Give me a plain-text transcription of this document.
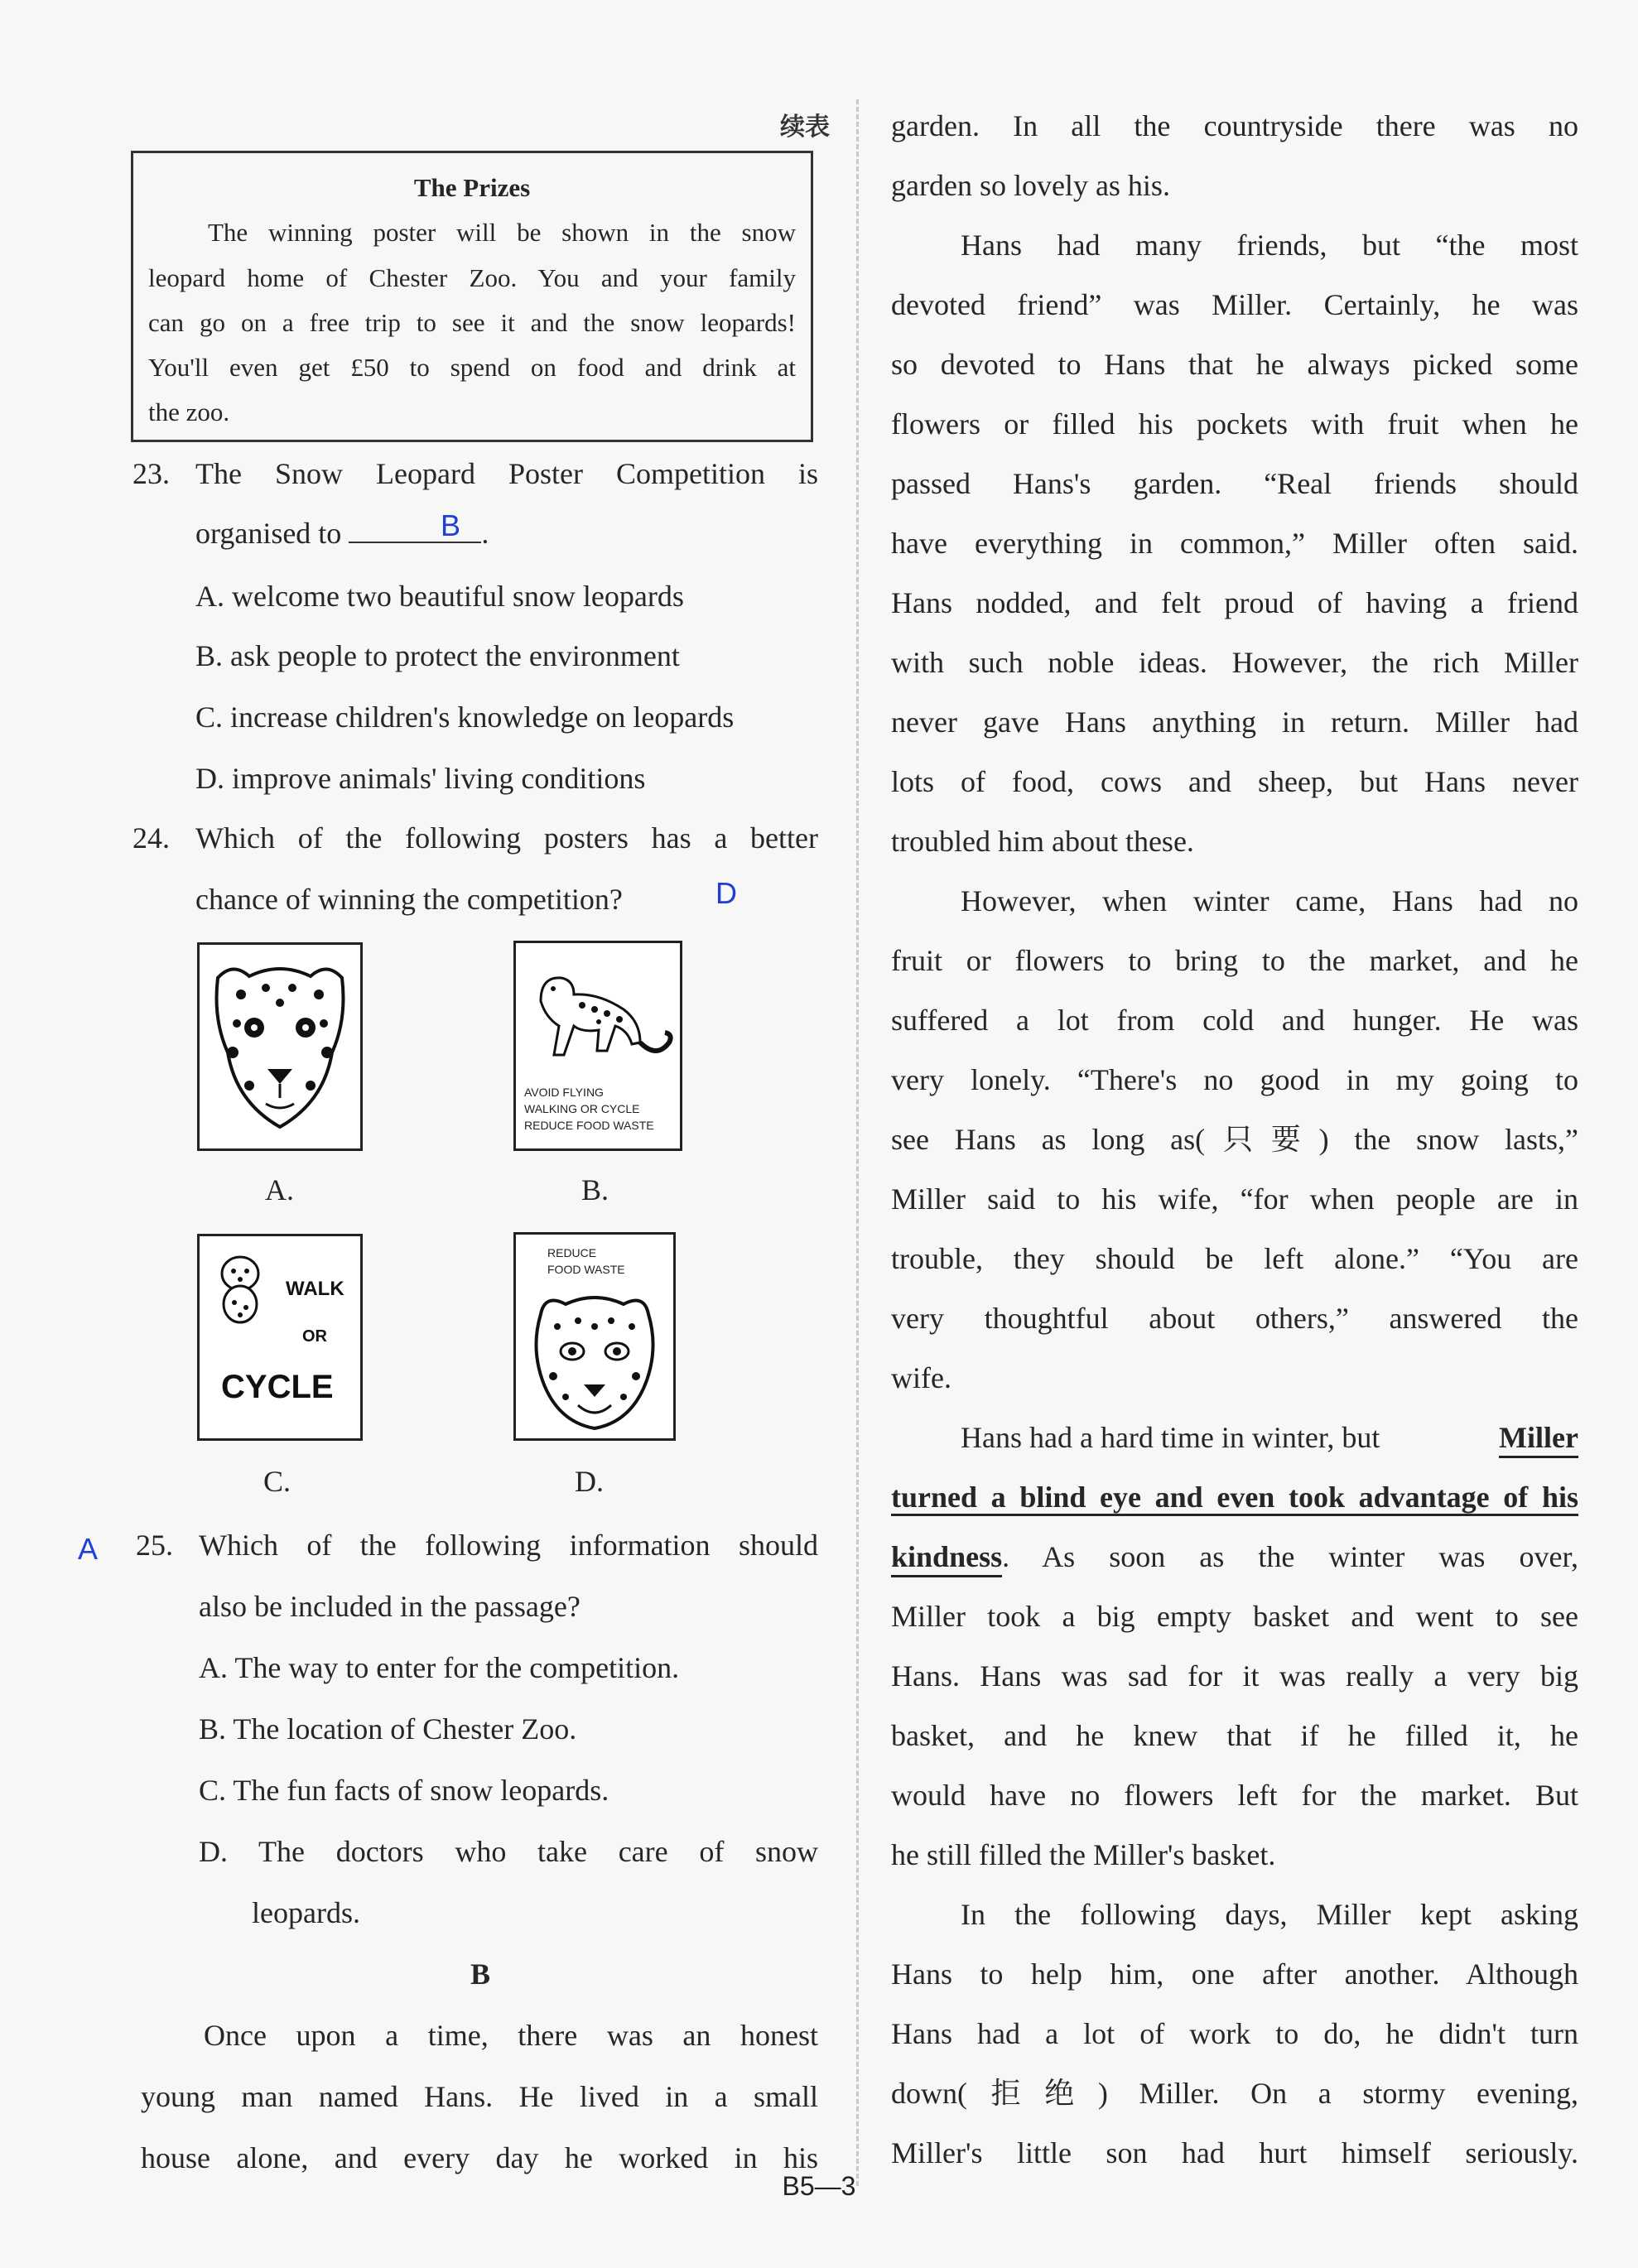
续表
The Prizes
The winning poster will be shown in the snow
leopard home of Chester Zoo. You and your family
can go on a free trip to see it and the snow leopards!
You'll even get £50 to spend on food and drink at
the zoo.
23. The Snow Leopard Poster Competition is
organised to	.
B
A. welcome two beautiful snow leopards
B. ask people to protect the environment
C. increase children's knowledge on leopards
D. improve animals' living conditions
24. Which of the following posters has a better
chance of winning the competition?	D
A.
AVOID FLYING
WALKING OR CYCLE
REDUCE FOOD WASTE
B.
WALK
OR
CYCLE
C.
REDUCE
FOOD WASTE
D.
A 25. Which of the following information should
also be included in the passage?
A. The way to enter for the competition.
B. The location of Chester Zoo.
C. The fun facts of snow leopards.
D. The doctors who take care of snow
leopards.
B
Once upon a time, there was an honest
young man named Hans. He lived in a small
house alone, and every day he worked in his
garden. In all the countryside there was no
garden so lovely as his.
Hans had many friends, but “the most
devoted friend” was Miller. Certainly, he was
so devoted to Hans that he always picked some
flowers or filled his pockets with fruit when he
passed Hans's garden. “Real friends should
have everything in common,” Miller often said.
Hans nodded, and felt proud of having a friend
with such noble ideas. However, the rich Miller
never gave Hans anything in return. Miller had
lots of food, cows and sheep, but Hans never
troubled him about these.
However, when winter came, Hans had no
fruit or flowers to bring to the market, and he
suffered a lot from cold and hunger. He was
very lonely. “There's no good in my going to
see Hans as long as(只要) the snow lasts,”
Miller said to his wife, “for when people are in
trouble, they should be left alone.” “You are
very thoughtful about others,” answered the
wife.
Hans had a hard time in winter, but	Miller
turned a blind eye and even took advantage of his
kindness . As soon as the winter was over,
Miller took a big empty basket and went to see
Hans. Hans was sad for it was really a very big
basket, and he knew that if he filled it, he
would have no flowers left for the market. But
he still filled the Miller's basket.
In the following days, Miller kept asking
Hans to help him, one after another. Although
Hans had a lot of work to do, he didn't turn
down(拒绝) Miller. On a stormy evening,
Miller's little son had hurt himself seriously.
B5—3
